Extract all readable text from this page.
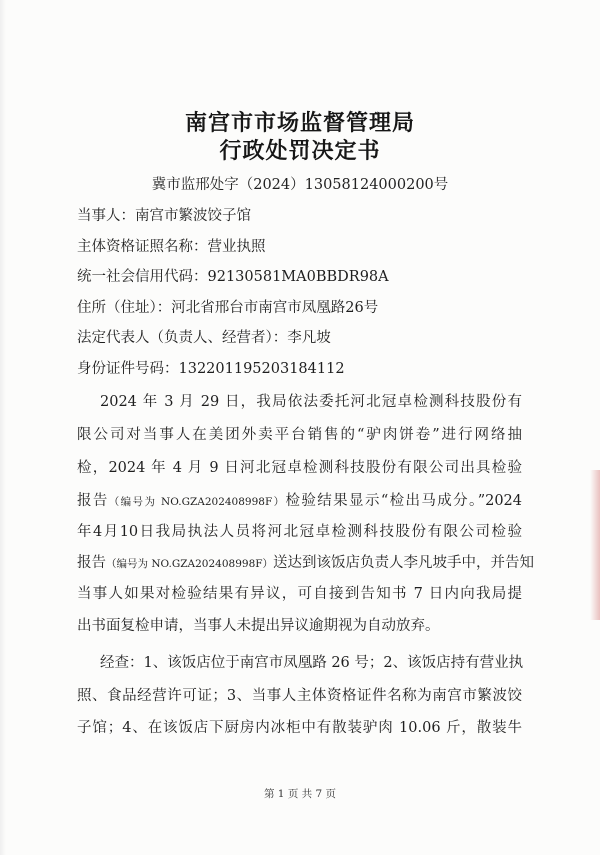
南宫市市场监督管理局
行政处罚决定书
冀市监邢处字（2024）13058124000200号
当事人：南宫市繁波饺子馆
主体资格证照名称：营业执照
统一社会信用代码：92130581MA0BBDR98A
住所（住址）：河北省邢台市南宫市凤凰路26号
法定代表人（负责人、经营者）：李凡坡
身份证件号码：132201195203184112
2024 年 3 月 29 日，我局依法委托河北冠卓检测科技股份有
限公司对当事人在美团外卖平台销售的“驴肉饼卷”进行网络抽
检，2024 年 4 月 9 日河北冠卓检测科技股份有限公司出具检验
报告（编号为 NO.GZA202408998F）检验结果显示“检出马成分。”2024
年4月10日我局执法人员将河北冠卓检测科技股份有限公司检验
报告（编号为 NO.GZA202408998F）送达到该饭店负责人李凡坡手中，并告知
当事人如果对检验结果有异议，可自接到告知书 7 日内向我局提
出书面复检申请，当事人未提出异议逾期视为自动放弃。
经查：1、该饭店位于南宫市凤凰路 26 号；2、该饭店持有营业执
照、食品经营许可证；3、当事人主体资格证件名称为南宫市繁波饺
子馆；4、在该饭店下厨房内冰柜中有散装驴肉 10.06 斤，散装牛
第 1 页 共 7 页
